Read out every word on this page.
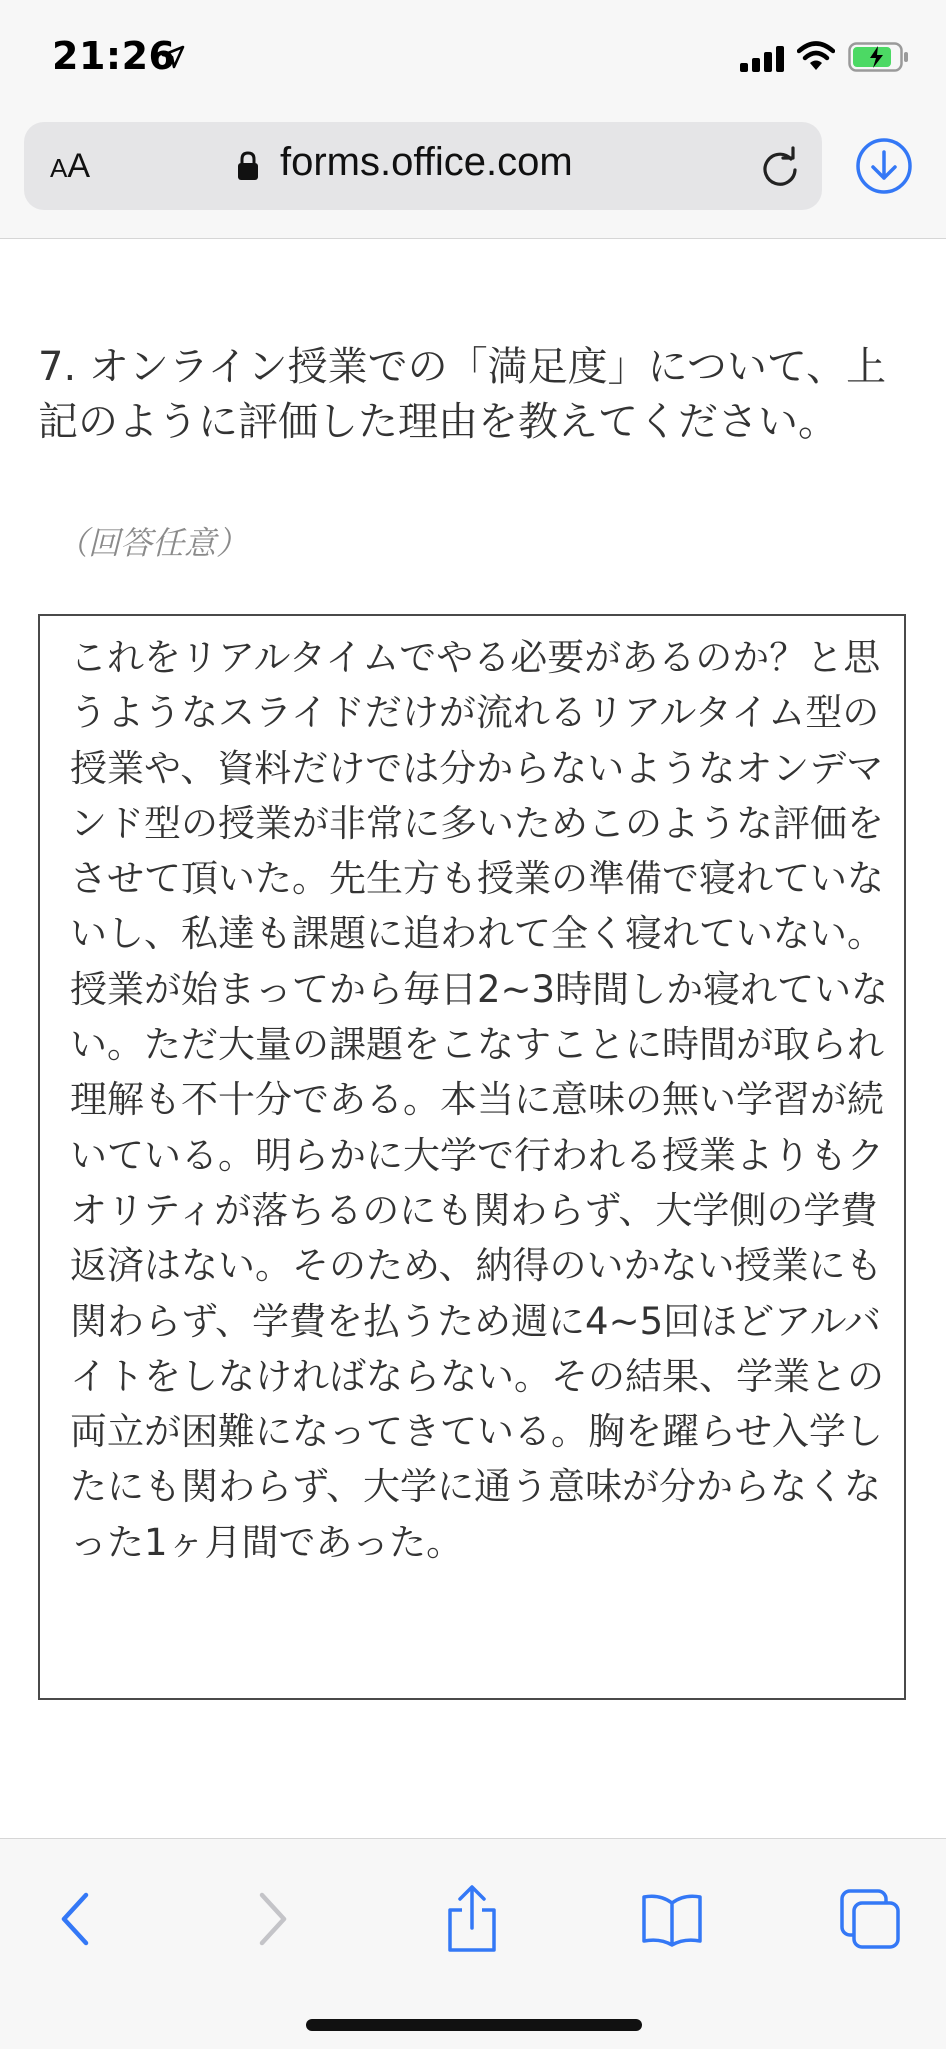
21:26
AA	forms.office.com
7. オンライン授業での「満足度」について、上記のように評価した理由を教えてください。
（回答任意）
これをリアルタイムでやる必要があるのか？と思うようなスライドだけが流れるリアルタイム型の授業や、資料だけでは分からないようなオンデマンド型の授業が非常に多いためこのような評価をさせて頂いた。先生方も授業の準備で寝れていないし、私達も課題に追われて全く寝れていない。授業が始まってから毎日2~3時間しか寝れていない。ただ大量の課題をこなすことに時間が取られ理解も不十分である。本当に意味の無い学習が続いている。明らかに大学で行われる授業よりもクオリティが落ちるのにも関わらず、大学側の学費返済はない。そのため、納得のいかない授業にも関わらず、学費を払うため週に4~5回ほどアルバイトをしなければならない。その結果、学業との両立が困難になってきている。胸を躍らせ入学したにも関わらず、大学に通う意味が分からなくなった1ヶ月間であった。
